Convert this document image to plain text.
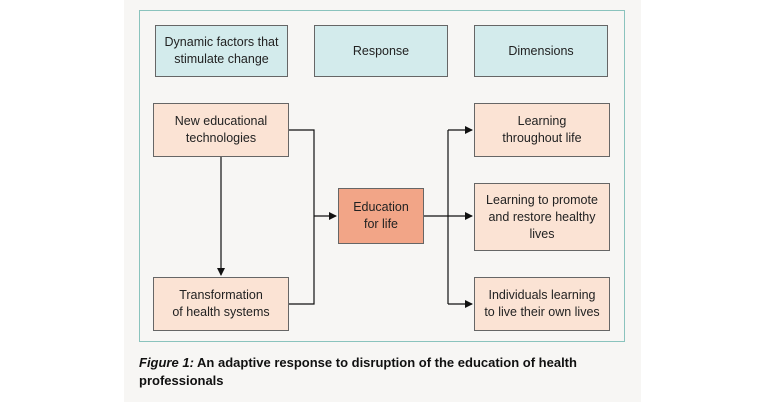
Dynamic factors that
stimulate change
Response	Dimensions
New educational
technologies
Transformation
of health systems
Education
for life
Learning
throughout life
Learning to promote
and restore healthy
lives
Individuals learning
to live their own lives
Figure 1: An adaptive response to disruption of the education of health professionals
